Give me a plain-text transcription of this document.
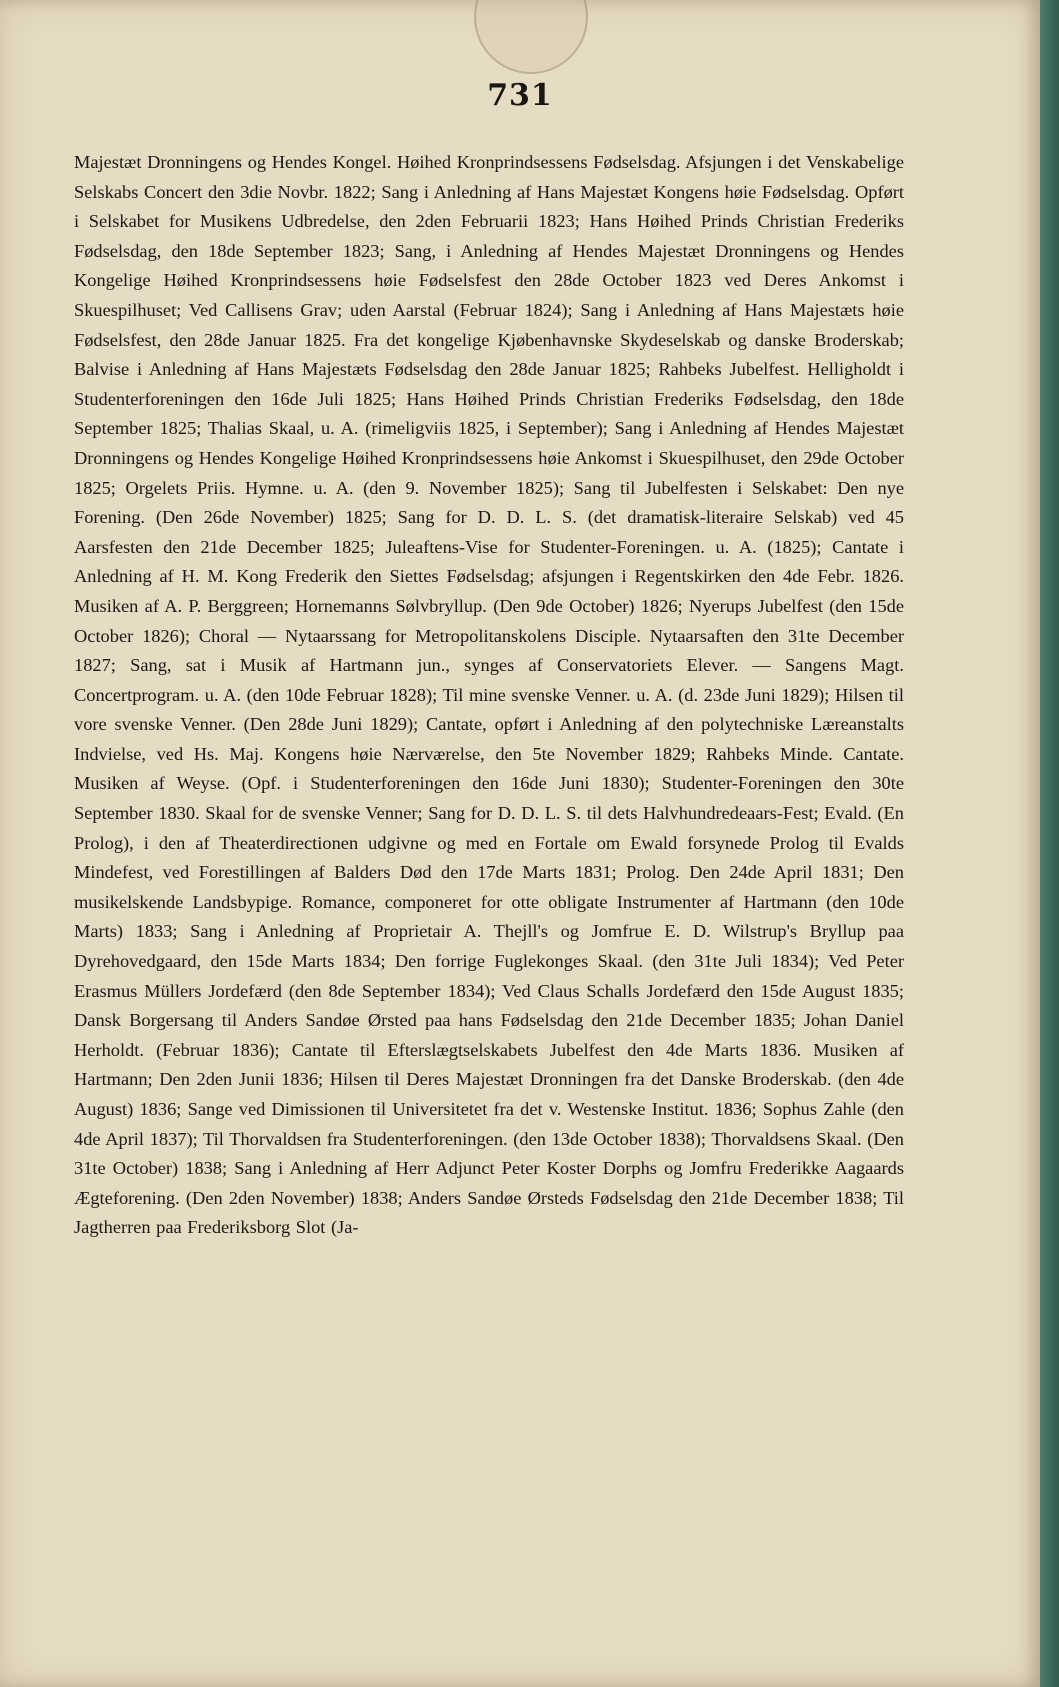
731

Majestæt Dronningens og Hendes Kongel. Høihed Kronprindsessens Fødselsdag. Afsjungen i det Venskabelige Selskabs Concert den 3die Novbr. 1822; Sang i Anledning af Hans Majestæt Kongens høie Fødselsdag. Opført i Selskabet for Musikens Udbredelse, den 2den Februarii 1823; Hans Høihed Prinds Christian Frederiks Fødselsdag, den 18de September 1823; Sang, i Anledning af Hendes Majestæt Dronningens og Hendes Kongelige Høihed Kronprindsessens høie Fødselsfest den 28de October 1823 ved Deres Ankomst i Skuespilhuset; Ved Callisens Grav; uden Aarstal (Februar 1824); Sang i Anledning af Hans Majestæts høie Fødselsfest, den 28de Januar 1825. Fra det kongelige Kjøbenhavnske Skydeselskab og danske Broderskab; Balvise i Anledning af Hans Majestæts Fødselsdag den 28de Januar 1825; Rahbeks Jubelfest. Helligholdt i Studenterforeningen den 16de Juli 1825; Hans Høihed Prinds Christian Frederiks Fødselsdag, den 18de September 1825; Thalias Skaal, u. A. (rimeligviis 1825, i September); Sang i Anledning af Hendes Majestæt Dronningens og Hendes Kongelige Høihed Kronprindsessens høie Ankomst i Skuespilhuset, den 29de October 1825; Orgelets Priis. Hymne. u. A. (den 9. November 1825); Sang til Jubelfesten i Selskabet: Den nye Forening. (Den 26de November) 1825; Sang for D. D. L. S. (det dramatisk-literaire Selskab) ved 45 Aarsfesten den 21de December 1825; Juleaftens-Vise for Studenter-Foreningen. u. A. (1825); Cantate i Anledning af H. M. Kong Frederik den Siettes Fødselsdag; afsjungen i Regentskirken den 4de Febr. 1826. Musiken af A. P. Berggreen; Hornemanns Sølvbryllup. (Den 9de October) 1826; Nyerups Jubelfest (den 15de October 1826); Choral — Nytaarssang for Metropolitanskolens Disciple. Nytaarsaften den 31te December 1827; Sang, sat i Musik af Hartmann jun., synges af Conservatoriets Elever. — Sangens Magt. Concertprogram. u. A. (den 10de Februar 1828); Til mine svenske Venner. u. A. (d. 23de Juni 1829); Hilsen til vore svenske Venner. (Den 28de Juni 1829); Cantate, opført i Anledning af den polytechniske Læreanstalts Indvielse, ved Hs. Maj. Kongens høie Nærværelse, den 5te November 1829; Rahbeks Minde. Cantate. Musiken af Weyse. (Opf. i Studenterforeningen den 16de Juni 1830); Studenter-Foreningen den 30te September 1830. Skaal for de svenske Venner; Sang for D. D. L. S. til dets Halvhundredeaars-Fest; Evald. (En Prolog), i den af Theaterdirectionen udgivne og med en Fortale om Ewald forsynede Prolog til Evalds Mindefest, ved Forestillingen af Balders Død den 17de Marts 1831; Prolog. Den 24de April 1831; Den musikelskende Landsbypige. Romance, componeret for otte obligate Instrumenter af Hartmann (den 10de Marts) 1833; Sang i Anledning af Proprietair A. Thejll's og Jomfrue E. D. Wilstrup's Bryllup paa Dyrehovedgaard, den 15de Marts 1834; Den forrige Fuglekonges Skaal. (den 31te Juli 1834); Ved Peter Erasmus Müllers Jordefærd (den 8de September 1834); Ved Claus Schalls Jordefærd den 15de August 1835; Dansk Borgersang til Anders Sandøe Ørsted paa hans Fødselsdag den 21de December 1835; Johan Daniel Herholdt. (Februar 1836); Cantate til Efterslægtselskabets Jubelfest den 4de Marts 1836. Musiken af Hartmann; Den 2den Junii 1836; Hilsen til Deres Majestæt Dronningen fra det Danske Broderskab. (den 4de August) 1836; Sange ved Dimissionen til Universitetet fra det v. Westenske Institut. 1836; Sophus Zahle (den 4de April 1837); Til Thorvaldsen fra Studenterforeningen. (den 13de October 1838); Thorvaldsens Skaal. (Den 31te October) 1838; Sang i Anledning af Herr Adjunct Peter Koster Dorphs og Jomfru Frederikke Aagaards Ægteforening. (Den 2den November) 1838; Anders Sandøe Ørsteds Fødselsdag den 21de December 1838; Til Jagtherren paa Frederiksborg Slot (Ja-
